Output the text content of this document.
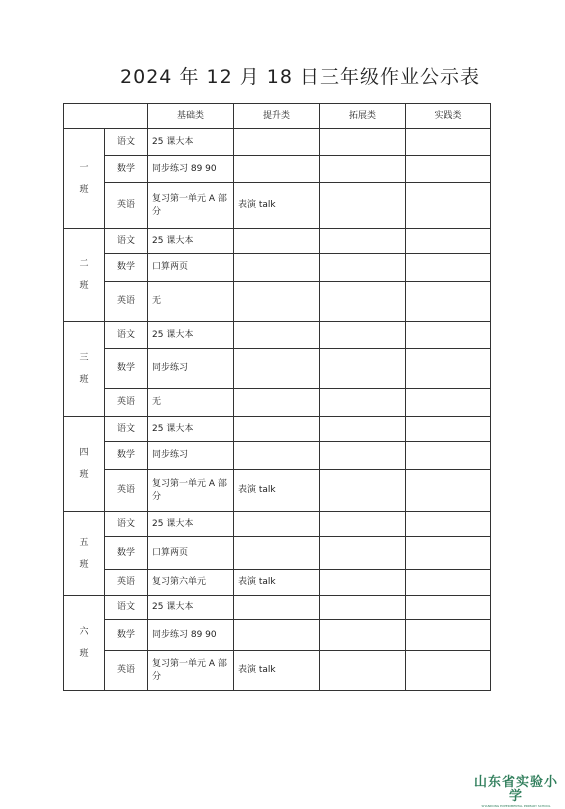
2024 年 12 月 18 日三年级作业公示表
		基础类	提升类	拓展类	实践类

一
班	语文	25 课大本			
	数学	同步练习 89 90			
	英语	复习第一单元 A 部分	表演 talk		

二
班	语文	25 课大本			
	数学	口算两页			
	英语	无			

三
班	语文	25 课大本			
	数学	同步练习			
	英语	无			

四
班	语文	25 课大本			
	数学	同步练习			
	英语	复习第一单元 A 部分	表演 talk		

五
班	语文	25 课大本			
	数学	口算两页			
	英语	复习第六单元	表演 talk		

六
班	语文	25 课大本			
	数学	同步练习 89 90			
	英语	复习第一单元 A 部分	表演 talk		
山东省实验小学
SHANDONG EXPERIMENTAL PRIMARY SCHOOL
